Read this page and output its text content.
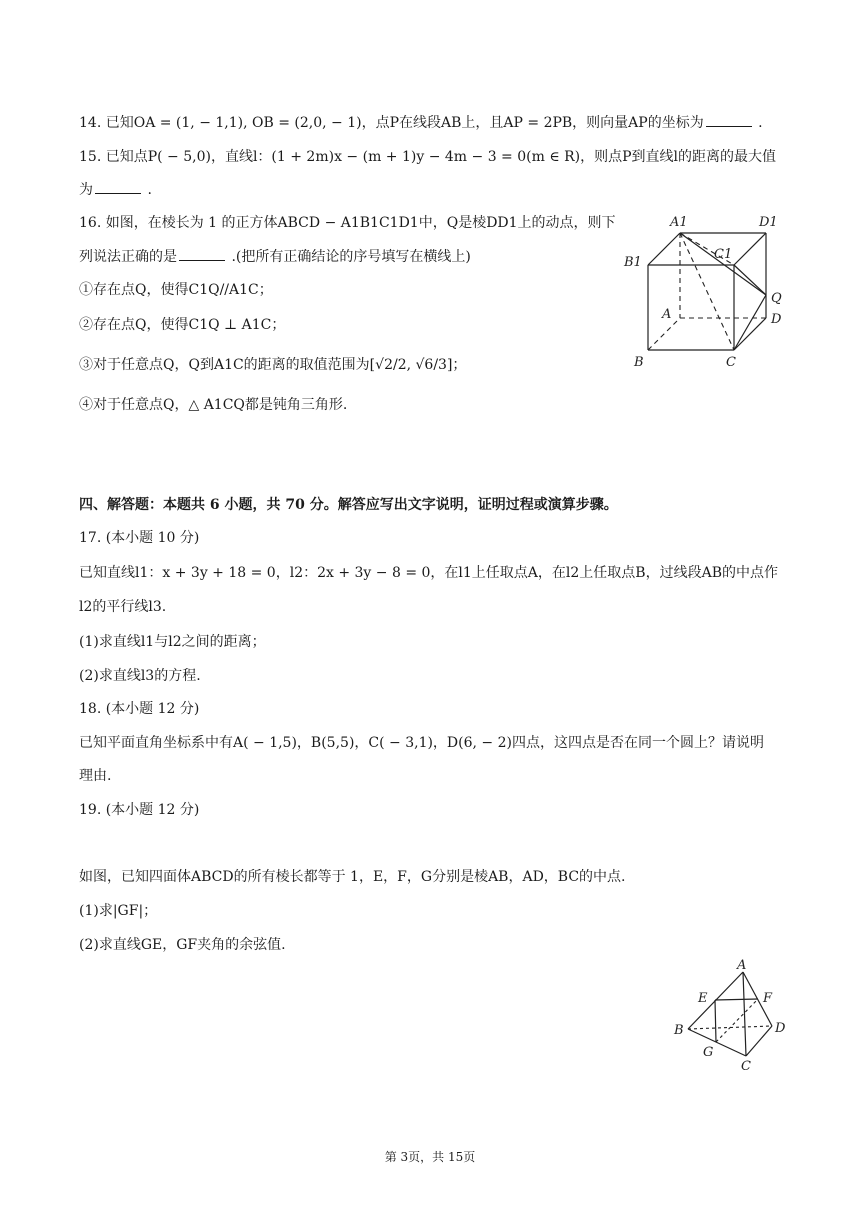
14. 已知OA = (1, − 1,1), OB = (2,0, − 1)，点P在线段AB上，且AP = 2PB，则向量AP的坐标为	.
15. 已知点P( − 5,0)，直线l：(1 + 2m)x − (m + 1)y − 4m − 3 = 0(m ∈ R)，则点P到直线l的距离的最大值
为	.
16. 如图，在棱长为 1 的正方体ABCD − A1B1C1D1中，Q是棱DD1上的动点，则下
列说法正确的是	.(把所有正确结论的序号填写在横线上)
①存在点Q，使得C1Q//A1C；
②存在点Q，使得C1Q ⊥ A1C；
③对于任意点Q，Q到A1C的距离的取值范围为[√2/2, √6/3]；
④对于任意点Q，△ A1CQ都是钝角三角形.
A1	D1
C1
B1
Q
A	D
B	C
四、解答题：本题共 6 小题，共 70 分。解答应写出文字说明，证明过程或演算步骤。
17. (本小题 10 分)
已知直线l1：x + 3y + 18 = 0，l2：2x + 3y − 8 = 0，在l1上任取点A，在l2上任取点B，过线段AB的中点作
l2的平行线l3.
(1)求直线l1与l2之间的距离；
(2)求直线l3的方程.
18. (本小题 12 分)
已知平面直角坐标系中有A( − 1,5)，B(5,5)，C( − 3,1)，D(6, − 2)四点，这四点是否在同一个圆上？请说明
理由.
19. (本小题 12 分)
如图，已知四面体ABCD的所有棱长都等于 1，E，F，G分别是棱AB，AD，BC的中点.
(1)求|GF|；
(2)求直线GE，GF夹角的余弦值.
A
E	F
B	D
G
C
第 3页，共 15页
